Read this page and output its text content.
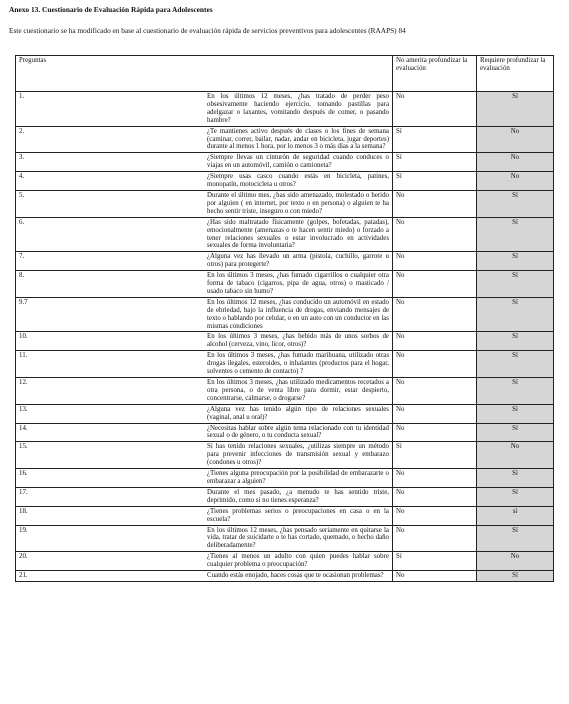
Anexo 13. Cuestionario de Evaluación Rápida para Adolescentes
Este cuestionario se ha modificado en base al cuestionario de evaluación rápida de servicios preventivos para adolescentes (RAAPS) 84
Preguntas		No amerita profundizar la evaluación	Requiere profundizar la evaluación
1.	En los últimos 12 meses, ¿has tratado de perder peso obsesivamente haciendo ejercicio, tomando pastillas para adelgazar o laxantes, vomitando después de comer, o pasando hambre?	No	Sí
2.	¿Te mantienes activo después de clases o los fines de semana (caminar, correr, bailar, nadar, andar en bicicleta, jugar deportes) durante al menos 1 hora, por lo menos 3 o más días a la semana?	Sí	No
3.	¿Siempre llevas un cinturón de seguridad cuando conduces o viajas en un automóvil, camión o camioneta?	Sí	No
4.	¿Siempre usas casco cuando estás en bicicleta, patines, monopatín, motocicleta u otros?	Sí	No
5.	Durante el último mes, ¿has sido amenazado, molestado o herido por alguien ( en internet, por texto o en persona) o alguien te ha hecho sentir triste, inseguro o con miedo?	No	Sí
6.	¿Has sido maltratado físicamente (golpes, bofetadas, patadas), emocionalmente (amenazas o te hacen sentir miedo) o forzado a tener relaciones sexuales o estar involucrado en actividades sexuales de forma involuntaria?	No	Sí
7.	¿Alguna vez has llevado un arma (pistola, cuchillo, garrote u otros) para protegerte?	No	Sí
8.	En los últimos 3 meses, ¿has fumado cigarrillos o cualquier otra forma de tabaco (cigarros, pipa de agua, otros) o masticado / usado tabaco sin humo?	No	Sí
9.7	En los últimos 12 meses, ¿has conducido un automóvil en estado de ebriedad, bajo la influencia de drogas, enviando mensajes de texto o hablando por celular, o en un auto con un conductor en las mismas condiciones	No	Sí
10.	En los últimos 3 meses, ¿has bebido más de unos sorbos de alcohol (cerveza, vino, licor, otros)?	No	Sí
11.	En los últimos 3 meses, ¿has fumado marihuana, utilizado otras drogas ilegales, esteroides, o inhalantes (productos para el hogar, solventes o cemento de contacto) ?	No	Sí
12.	En los últimos 3 meses, ¿has utilizado medicamentos recetados a otra persona, o de venta libre para dormir, estar despierto, concentrarse, calmarse, o drogarse?	No	Sí
13.	¿Alguna vez has tenido algún tipo de relaciones sexuales (vaginal, anal u oral)?	No	Sí
14.	¿Necesitas hablar sobre algún tema relacionado con tu identidad sexual o de género, o tu conducta sexual?	No	Sí
15.	Si has tenido relaciones sexuales, ¿utilizas siempre un método para prevenir infecciones de transmisión sexual y embarazo (condones u otros)?	Sí	No
16.	¿Tienes alguna preocupación por la posibilidad de embarazarte o embarazar a alguien?	No	Sí
17.	Durante el mes pasado, ¿a menudo te has sentido triste, deprimido, como si no tienes esperanza?	No	Sí
18.	¿Tienes problemas serios o preocupaciones en casa o en la escuela?	No	sí
19.	En los últimos 12 meses, ¿has pensado seriamente en quitarse la vida, tratar de suicidarte o te has cortado, quemado, o hecho daño deliberadamente?	No	Sí
20.	¿Tienes al menos un adulto con quien puedes hablar sobre cualquier problema o preocupación?	Sí	No
21.	Cuando estás enojado, haces cosas que te ocasionan problemas?	No	Sí
